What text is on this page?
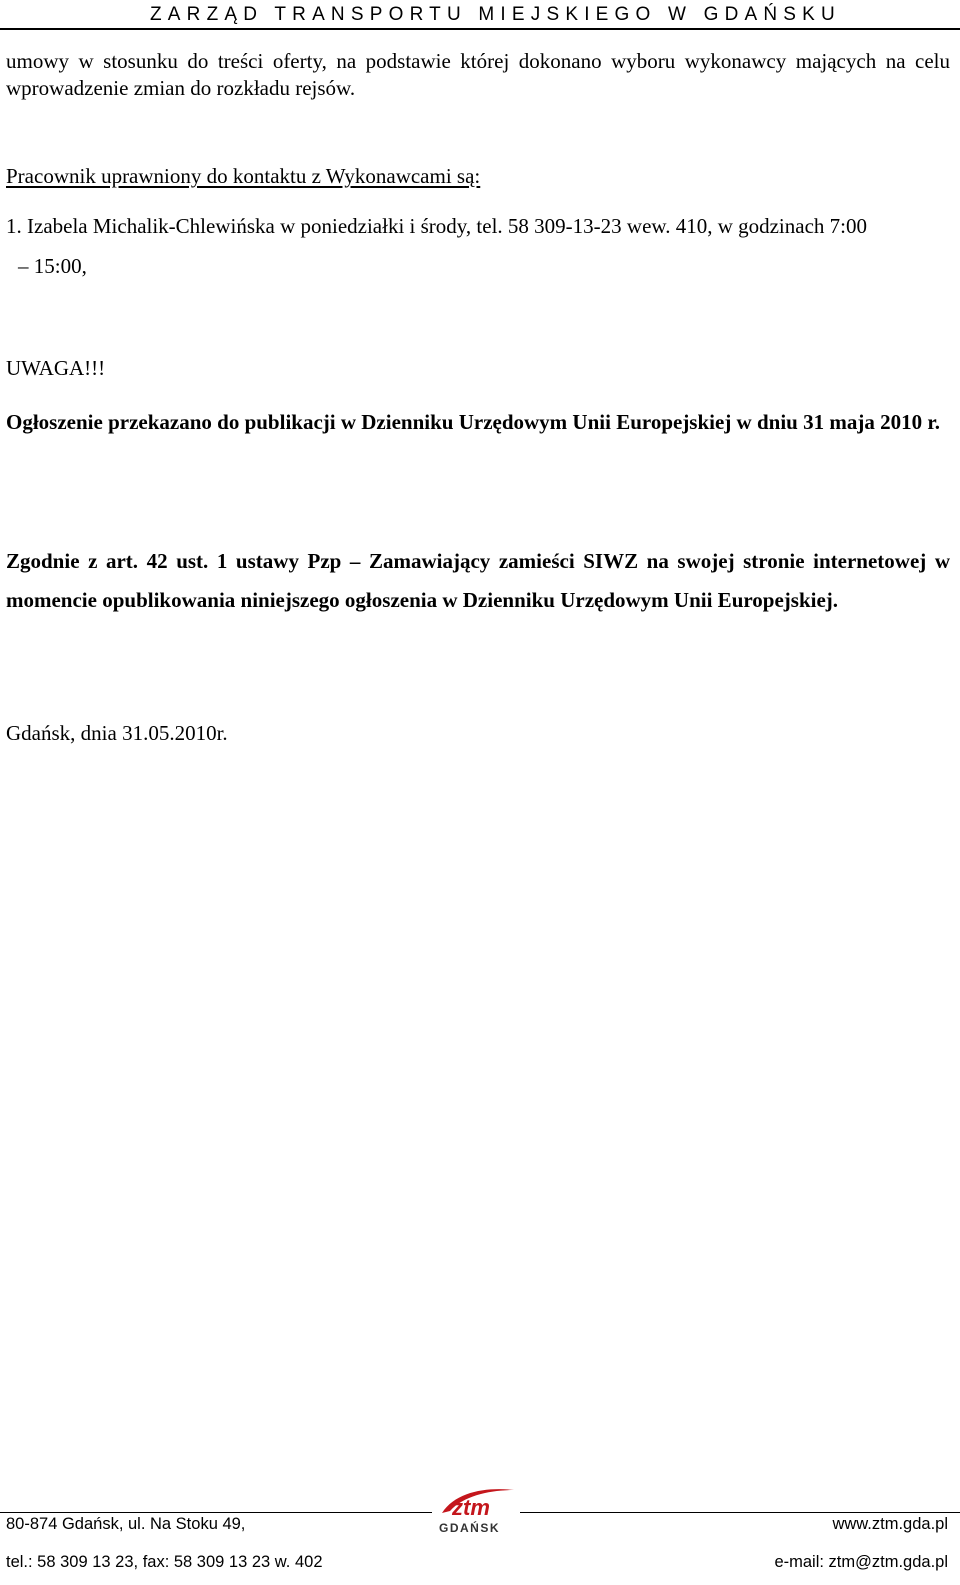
ZARZĄD TRANSPORTU MIEJSKIEGO W GDAŃSKU
umowy w stosunku do treści oferty, na podstawie której dokonano wyboru wykonawcy mających na celu wprowadzenie zmian do rozkładu rejsów.
Pracownik uprawniony do kontaktu z Wykonawcami są:
1. Izabela Michalik-Chlewińska w poniedziałki i środy, tel. 58 309-13-23 wew. 410, w godzinach 7:00
– 15:00,
UWAGA!!!
Ogłoszenie przekazano do publikacji w Dzienniku Urzędowym Unii Europejskiej w dniu 31 maja 2010 r.
Zgodnie z art. 42 ust. 1 ustawy Pzp – Zamawiający zamieści SIWZ na swojej stronie internetowej w momencie opublikowania niniejszego ogłoszenia w Dzienniku Urzędowym Unii Europejskiej.
Gdańsk, dnia 31.05.2010r.
ztm
GDAŃSK
80-874 Gdańsk, ul. Na Stoku 49,	www.ztm.gda.pl
tel.: 58 309 13 23, fax: 58 309 13 23 w. 402	e-mail: ztm@ztm.gda.pl
